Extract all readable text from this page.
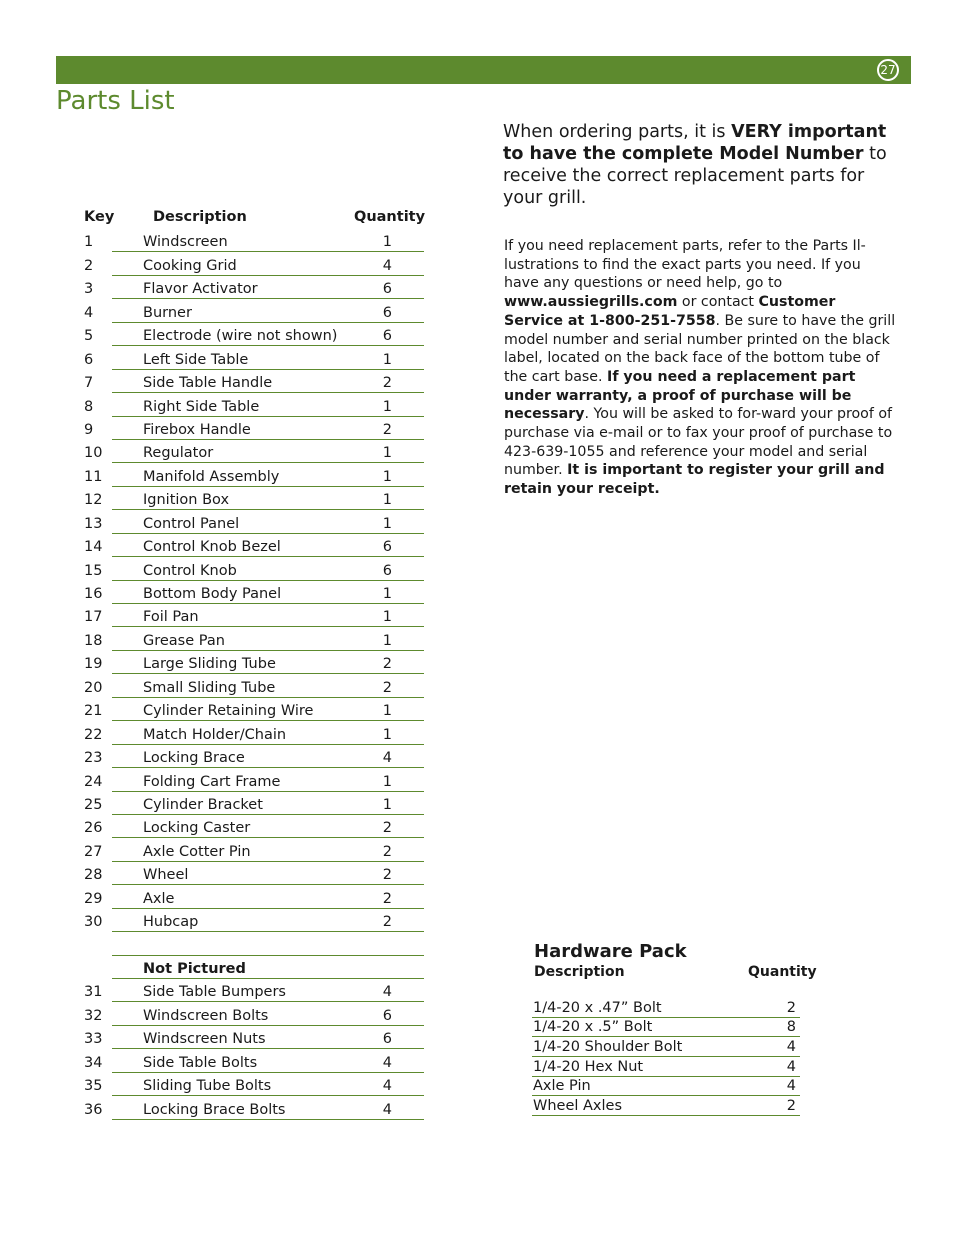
27
Parts List
Key	Description	Quantity
1	Windscreen	1
2	Cooking Grid	4
3	Flavor Activator	6
4	Burner	6
5	Electrode (wire not shown)	6
6	Left Side Table	1
7	Side Table Handle	2
8	Right Side Table	1
9	Firebox Handle	2
10	Regulator	1
11	Manifold Assembly	1
12	Ignition Box	1
13	Control Panel	1
14	Control Knob Bezel	6
15	Control Knob	6
16	Bottom Body Panel	1
17	Foil Pan	1
18	Grease Pan	1
19	Large Sliding Tube	2
20	Small Sliding Tube	2
21	Cylinder Retaining Wire	1
22	Match Holder/Chain	1
23	Locking Brace	4
24	Folding Cart Frame	1
25	Cylinder Bracket	1
26	Locking Caster	2
27	Axle Cotter Pin	2
28	Wheel	2
29	Axle	2
30	Hubcap	2
Not Pictured
31	Side Table Bumpers	4
32	Windscreen Bolts	6
33	Windscreen Nuts	6
34	Side Table Bolts	4
35	Sliding Tube Bolts	4
36	Locking Brace Bolts	4

When ordering parts, it is VERY important to have the complete Model Number to receive the correct replacement parts for your grill.

If you need replacement parts, refer to the Parts Il-lustrations to find the exact parts you need. If you have any questions or need help, go to www.aussiegrills.com or contact Customer Service at 1-800-251-7558. Be sure to have the grill model number and serial number printed on the black label, located on the back face of the bottom tube of the cart base. If you need a replacement part under warranty, a proof of purchase will be necessary. You will be asked to for-ward your proof of purchase via e-mail or to fax your proof of purchase to 423-639-1055 and reference your model and serial number. It is important to register your grill and retain your receipt.

Hardware Pack
Description	Quantity
1/4-20 x .47” Bolt	2
1/4-20 x .5” Bolt	8
1/4-20 Shoulder Bolt	4
1/4-20 Hex Nut	4
Axle Pin	4
Wheel Axles	2
